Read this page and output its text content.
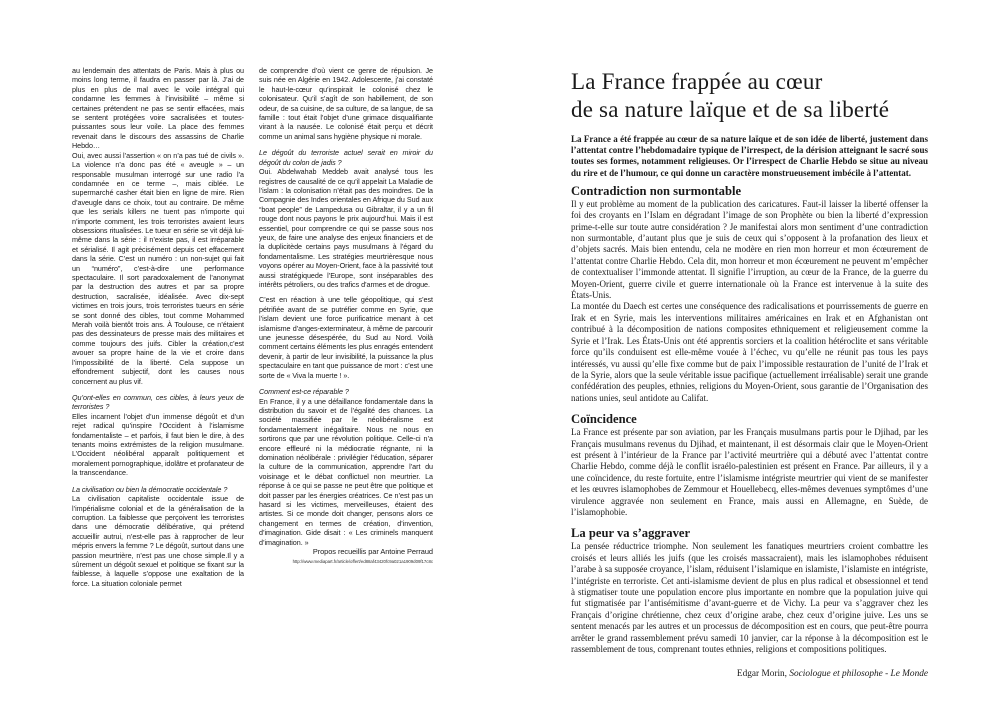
au lendemain des attentats de Paris. Mais à plus ou moins long terme, il faudra en passer par là. J’ai de plus en plus de mal avec le voile intégral qui condamne les femmes à l’invisibilité – même si certaines prétendent ne pas se sentir effacées, mais se sentent protégées voire sacralisées et toutes-puissantes sous leur voile. La place des femmes revenait dans le discours des assassins de Charlie Hebdo…

Oui, avec aussi l’assertion « on n’a pas tué de civils ». La violence n’a donc pas été « aveugle » – un responsable musulman interrogé sur une radio l’a condamnée en ce terme –, mais ciblée. Le supermarché casher était bien en ligne de mire. Rien d’aveugle dans ce choix, tout au contraire. De même que les serials killers ne tuent pas n’importe qui n’importe comment, les trois terroristes avaient leurs obsessions ritualisées. Le tueur en série se vit déjà lui-même dans la série : il n’existe pas, il est irréparable et sérialisé. Il agit précisément depuis cet effacement dans la série. C’est un numéro : un non-sujet qui fait un “numéro”, c’est-à-dire une performance spectaculaire. Il sort paradoxalement de l’anonymat par la destruction des autres et par sa propre destruction, sacralisée, idéalisée. Avec dix-sept victimes en trois jours, trois terroristes tueurs en série se sont donné des cibles, tout comme Mohammed Merah voilà bientôt trois ans. À Toulouse, ce n’étaient pas des dessinateurs de presse mais des militaires et comme toujours des juifs. Cibler la création,c’est avouer sa propre haine de la vie et croire dans l’impossibilité de la liberté. Cela suppose un effondrement subjectif, dont les causes nous concernent au plus vif.

Qu’ont-elles en commun, ces cibles, à leurs yeux de terroristes ?

Elles incarnent l’objet d’un immense dégoût et d’un rejet radical qu’inspire l’Occident à l’islamisme fondamentaliste – et parfois, il faut bien le dire, à des tenants moins extrémistes de la religion musulmane. L’Occident néolibéral apparaît politiquement et moralement pornographique, idolâtre et profanateur de la transcendance.

La civilisation ou bien la démocratie occidentale ?

La civilisation capitaliste occidentale issue de l’impérialisme colonial et de la généralisation de la corruption. La faiblesse que perçoivent les terroristes dans une démocratie délibérative, qui prétend accueillir autrui, n’est-elle pas à rapprocher de leur mépris envers la femme ? Le dégoût, surtout dans une passion meurtrière, n’est pas une chose simple.Il y a sûrement un dégoût sexuel et politique se fixant sur la faiblesse, à laquelle s’oppose une exaltation de la force. La situation coloniale permet

de comprendre d’où vient ce genre de répulsion. Je suis née en Algérie en 1942. Adolescente, j’ai constaté le haut-le-cœur qu’inspirait le colonisé chez le colonisateur. Qu’il s’agît de son habillement, de son odeur, de sa cuisine, de sa culture, de sa langue, de sa famille : tout était l’objet d’une grimace disqualifiante virant à la nausée. Le colonisé était perçu et décrit comme un animal sans hygiène physique ni morale.

Le dégoût du terroriste actuel serait en miroir du dégoût du colon de jadis ?

Oui. Abdelwahab Meddeb avait analysé tous les registres de causalité de ce qu’il appelait La Maladie de l’islam : la colonisation n’était pas des moindres. De la Compagnie des Indes orientales en Afrique du Sud aux “boat people” de Lampedusa ou Gibraltar, il y a un fil rouge dont nous payons le prix aujourd’hui. Mais il est essentiel, pour comprendre ce qui se passe sous nos yeux, de faire une analyse des enjeux financiers et de la duplicitède certains pays musulmans à l’égard du fondamentalisme. Les stratégies meurtrièresque nous voyons opérer au Moyen-Orient, face à la passivité tout aussi stratégiquede l’Europe, sont inséparables des intérêts pétroliers, ou des trafics d’armes et de drogue.

C’est en réaction à une telle géopolitique, qui s’est pétrifiée avant de se putréfier comme en Syrie, que l’islam devient une force purificatrice menant à cet islamisme d’anges-exterminateur, à même de parcourir une jeunesse désespérée, du Sud au Nord. Voilà comment certains éléments les plus enragés entendent devenir, à partir de leur invisibilité, la puissance la plus spectaculaire en tant que puissance de mort : c’est une sorte de « Viva la muerte ! ».

Comment est-ce réparable ?

En France, il y a une défaillance fondamentale dans la distribution du savoir et de l’égalité des chances. La société massifiée par le néolibéralisme est fondamentalement inégalitaire. Nous ne nous en sortirons que par une révolution politique. Celle-ci n’a encore effleuré ni la médiocratie régnante, ni la domination néolibérale : privilégier l’éducation, séparer la culture de la communication, apprendre l’art du voisinage et le débat conflictuel non meurtrier. La réponse à ce qui se passe ne peut être que politique et doit passer par les énergies créatrices. Ce n’est pas un hasard si les victimes, merveilleuses, étaient des artistes. Si ce monde doit changer, pensons alors ce changement en termes de création, d’invention, d’imagination. Gide disait : « Les criminels manquent d’imagination. »

Propos recueillis par Antoine Perraud

http://www.mediapart.fr/article/offert/ed88af43420fc9a021a1909d09f17c8c

La France frappée au cœur
de sa nature laïque et de sa liberté

La France a été frappée au cœur de sa nature laïque et de son idée de liberté, justement dans l’attentat contre l’hebdomadaire typique de l’irrespect, de la dérision atteignant le sacré sous toutes ses formes, notamment religieuses. Or l’irrespect de Charlie Hebdo se situe au niveau du rire et de l’humour, ce qui donne un caractère monstrueusement imbécile à l’attentat.

Contradiction non surmontable

Il y eut problème au moment de la publication des caricatures. Faut-il laisser la liberté offenser la foi des croyants en l’Islam en dégradant l’image de son Prophète ou bien la liberté d’expression prime-t-elle sur toute autre considération ? Je manifestai alors mon sentiment d’une contradiction non surmontable, d’autant plus que je suis de ceux qui s’opposent à la profanation des lieux et d’objets sacrés. Mais bien entendu, cela ne modère en rien mon horreur et mon écœurement de l’attentat contre Charlie Hebdo. Cela dit, mon horreur et mon écœurement ne peuvent m’empêcher de contextualiser l’immonde attentat. Il signifie l’irruption, au cœur de la France, de la guerre du Moyen-Orient, guerre civile et guerre internationale où la France est intervenue à la suite des États-Unis.

La montée du Daech est certes une conséquence des radicalisations et pourrissements de guerre en Irak et en Syrie, mais les interventions militaires américaines en Irak et en Afghanistan ont contribué à la décomposition de nations composites ethniquement et religieusement comme la Syrie et l’Irak. Les États-Unis ont été apprentis sorciers et la coalition hétéroclite et sans véritable force qu’ils conduisent est elle-même vouée à l’échec, vu qu’elle ne réunit pas tous les pays intéressés, vu aussi qu’elle fixe comme but de paix l’impossible restauration de l’unité de l’Irak et de la Syrie, alors que la seule véritable issue pacifique (actuellement irréalisable) serait une grande confédération des peuples, ethnies, religions du Moyen-Orient, sous garantie de l’Organisation des nations unies, seul antidote au Califat.

Coïncidence

La France est présente par son aviation, par les Français musulmans partis pour le Djihad, par les Français musulmans revenus du Djihad, et maintenant, il est désormais clair que le Moyen-Orient est présent à l’intérieur de la France par l’activité meurtrière qui a débuté avec l’attentat contre Charlie Hebdo, comme déjà le conflit israélo-palestinien est présent en France. Par ailleurs, il y a une coïncidence, du reste fortuite, entre l’islamisme intégriste meurtrier qui vient de se manifester et les œuvres islamophobes de Zemmour et Houellebecq, elles-mêmes devenues symptômes d’une virulence aggravée non seulement en France, mais aussi en Allemagne, en Suède, de l’islamophobie.

La peur va s’aggraver

La pensée réductrice triomphe. Non seulement les fanatiques meurtriers croient combattre les croisés et leurs alliés les juifs (que les croisés massacraient), mais les islamophobes réduisent l’arabe à sa supposée croyance, l’islam, réduisent l’islamique en islamiste, l’islamiste en intégriste, l’intégriste en terroriste. Cet anti-islamisme devient de plus en plus radical et obsessionnel et tend à stigmatiser toute une population encore plus importante en nombre que la population juive qui fut stigmatisée par l’antisémitisme d’avant-guerre et de Vichy. La peur va s’aggraver chez les Français d’origine chrétienne, chez ceux d’origine arabe, chez ceux d’origine juive. Les uns se sentent menacés par les autres et un processus de décomposition est en cours, que peut-être pourra arrêter le grand rassemblement prévu samedi 10 janvier, car la réponse à la décomposition est le rassemblement de tous, comprenant toutes ethnies, religions et compositions politiques.

Edgar Morin, Sociologue et philosophe - Le Monde
